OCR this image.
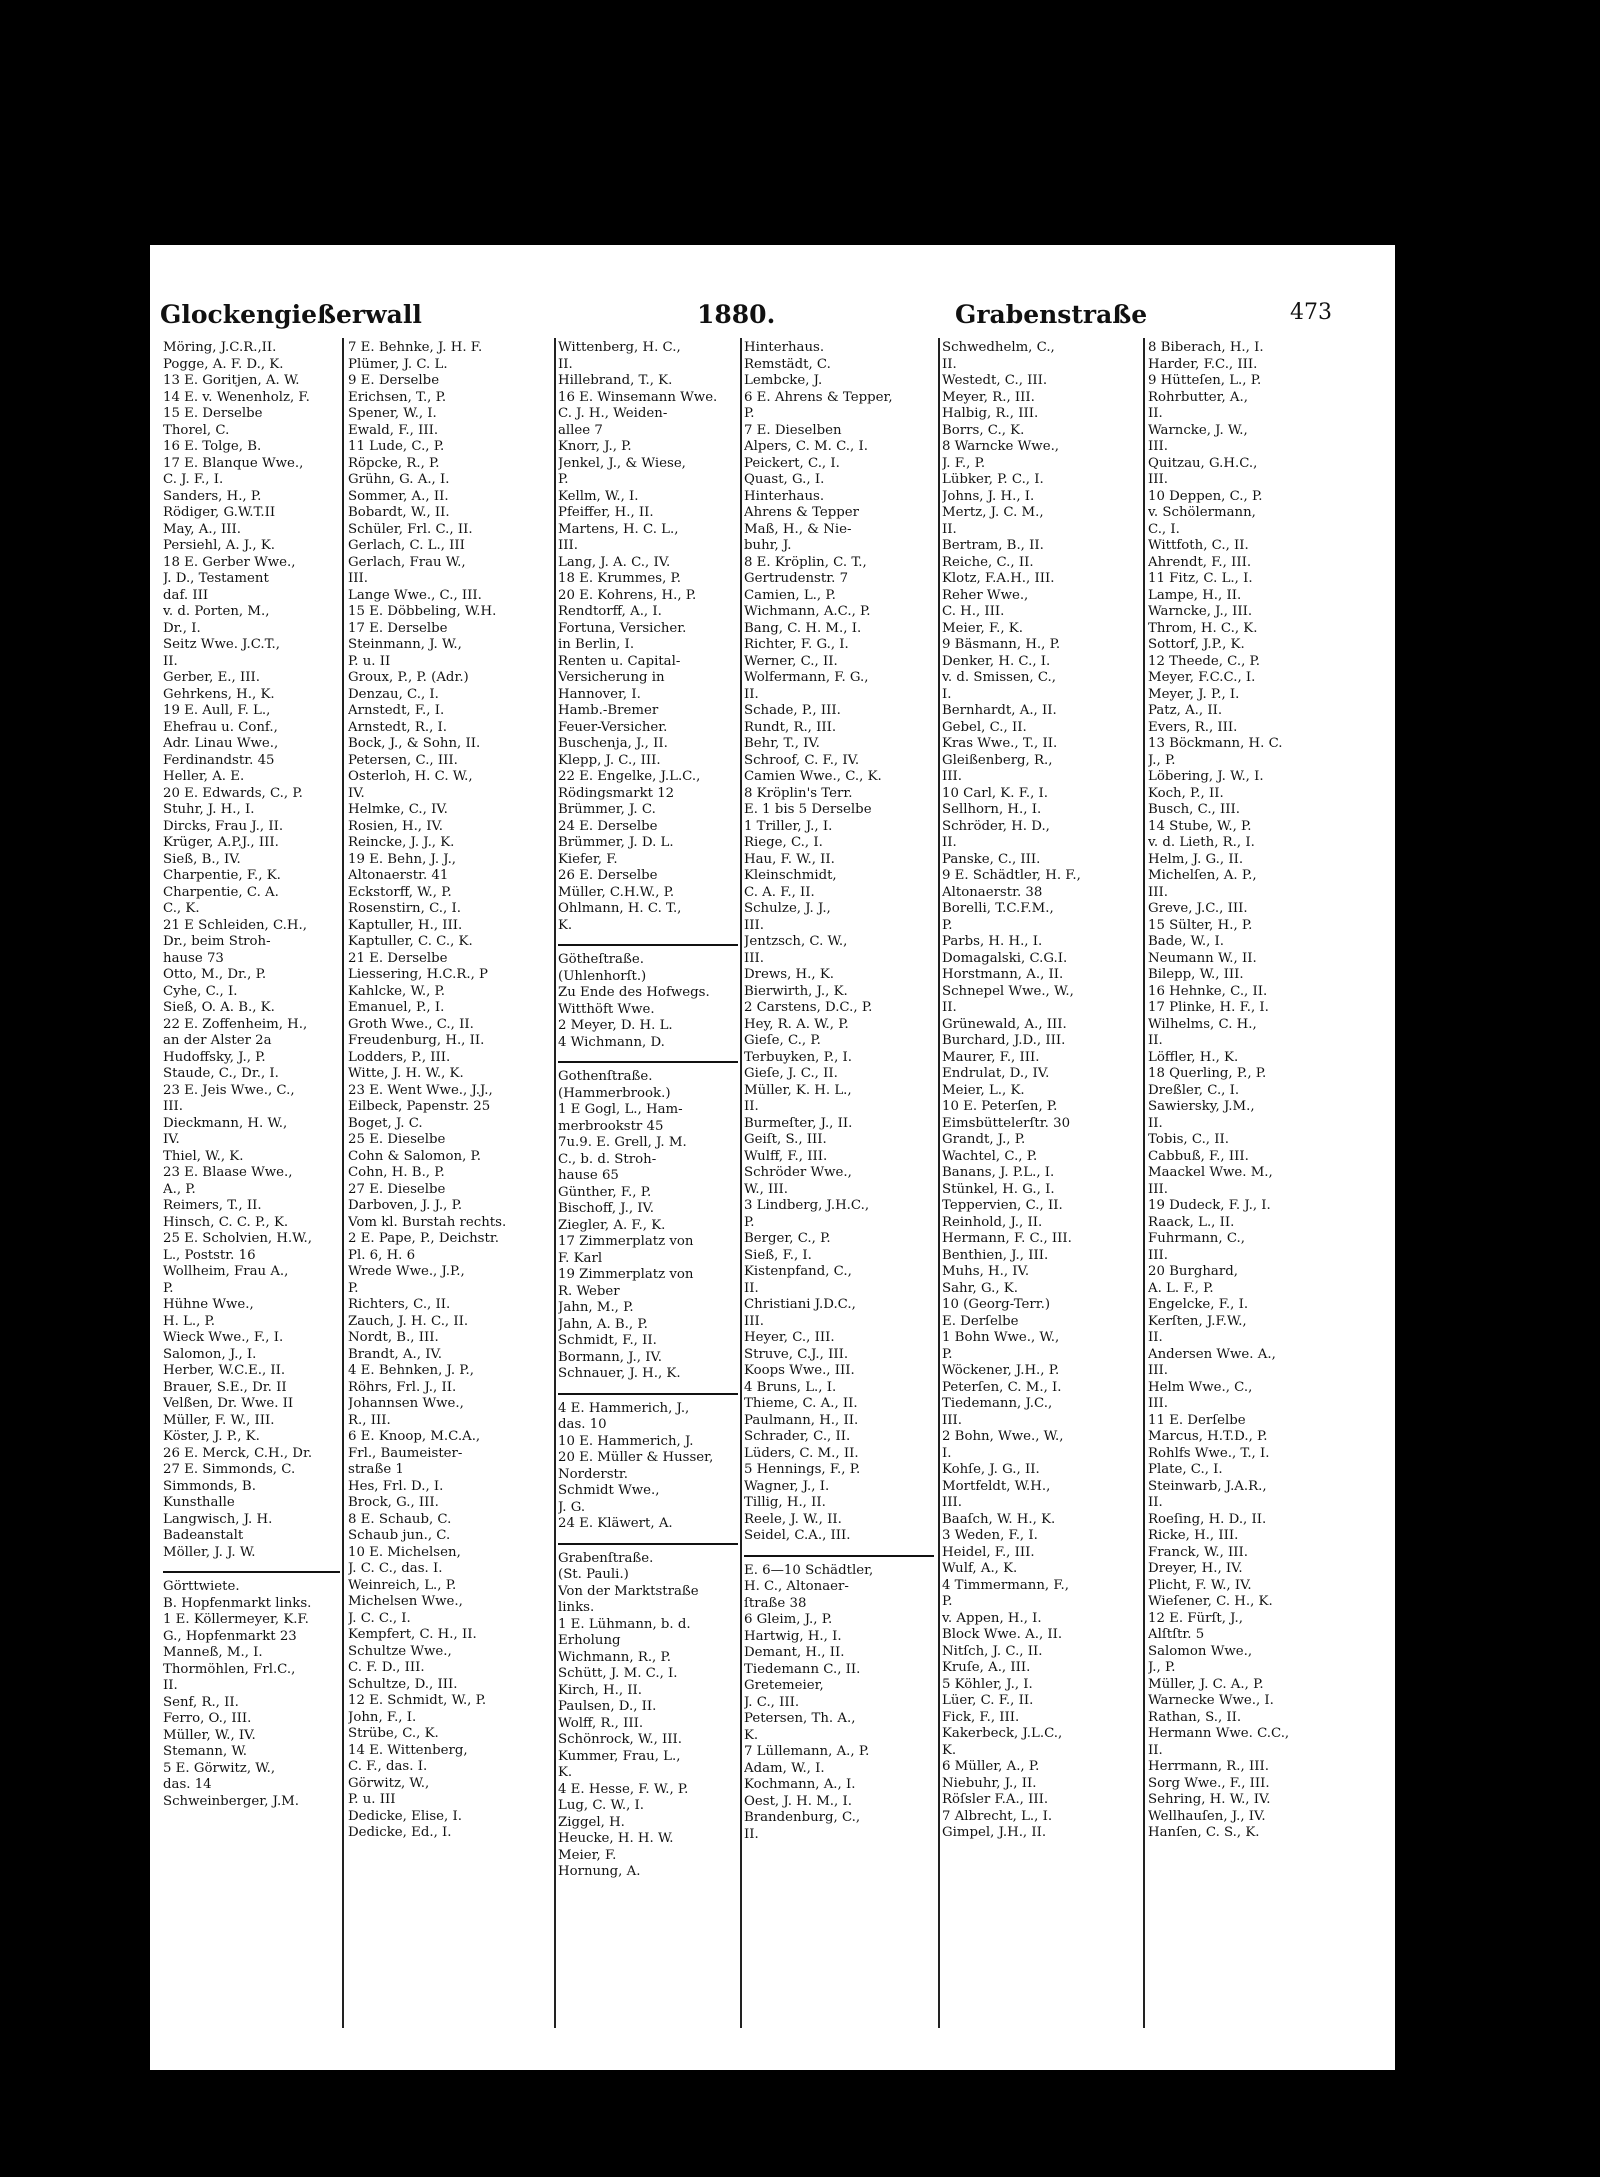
Glockengießerwall	1880.	Grabenstraße	473
Möring, J.C.R.,II.
Pogge, A. F. D., K.
13 E. Goritjen, A. W.
14 E. v. Wenenholz, F.
15 E. Derselbe
Thorel, C.
16 E. Tolge, B.
17 E. Blanque Wwe.,
C. J. F., I.
Sanders, H., P.
Rödiger, G.W.T.II
May, A., III.
Persiehl, A. J., K.
18 E. Gerber Wwe.,
J. D., Testament
daf. III
v. d. Porten, M.,
Dr., I.
Seitz Wwe. J.C.T.,
II.
Gerber, E., III.
Gehrkens, H., K.
19 E. Aull, F. L.,
Ehefrau u. Conf.,
Adr. Linau Wwe.,
Ferdinandstr. 45
Heller, A. E.
20 E. Edwards, C., P.
Stuhr, J. H., I.
Dircks, Frau J., II.
Krüger, A.P.J., III.
Sieß, B., IV.
Charpentie, F., K.
Charpentie, C. A.
C., K.
21 E Schleiden, C.H.,
Dr., beim Stroh-
hause 73
Otto, M., Dr., P.
Cyhe, C., I.
Sieß, O. A. B., K.
22 E. Zoffenheim, H.,
an der Alster 2a
Hudoffsky, J., P.
Staude, C., Dr., I.
23 E. Jeis Wwe., C.,
III.
Dieckmann, H. W.,
IV.
Thiel, W., K.
23 E. Blaase Wwe.,
A., P.
Reimers, T., II.
Hinsch, C. C. P., K.
25 E. Scholvien, H.W.,
L., Poststr. 16
Wollheim, Frau A.,
P.
Hühne Wwe.,
H. L., P.
Wieck Wwe., F., I.
Salomon, J., I.
Herber, W.C.E., II.
Brauer, S.E., Dr. II
Velßen, Dr. Wwe. II
Müller, F. W., III.
Köster, J. P., K.
26 E. Merck, C.H., Dr.
27 E. Simmonds, C.
Simmonds, B.
Kunsthalle
Langwisch, J. H.
Badeanstalt
Möller, J. J. W.
Görttwiete.
B. Hopfenmarkt links.
1 E. Köllermeyer, K.F.
G., Hopfenmarkt 23
Manneß, M., I.
Thormöhlen, Frl.C.,
II.
Senf, R., II.
Ferro, O., III.
Müller, W., IV.
Stemann, W.
5 E. Görwitz, W.,
das. 14
Schweinberger, J.M.
7 E. Behnke, J. H. F.
Plümer, J. C. L.
9 E. Derselbe
Erichsen, T., P.
Spener, W., I.
Ewald, F., III.
11 Lude, C., P.
Röpcke, R., P.
Grühn, G. A., I.
Sommer, A., II.
Bobardt, W., II.
Schüler, Frl. C., II.
Gerlach, C. L., III
Gerlach, Frau W.,
III.
Lange Wwe., C., III.
15 E. Döbbeling, W.H.
17 E. Derselbe
Steinmann, J. W.,
P. u. II
Groux, P., P. (Adr.)
Denzau, C., I.
Arnstedt, F., I.
Arnstedt, R., I.
Bock, J., & Sohn, II.
Petersen, C., III.
Osterloh, H. C. W.,
IV.
Helmke, C., IV.
Rosien, H., IV.
Reincke, J. J., K.
19 E. Behn, J. J.,
Altonaerstr. 41
Eckstorff, W., P.
Rosenstirn, C., I.
Kaptuller, H., III.
Kaptuller, C. C., K.
21 E. Derselbe
Liessering, H.C.R., P
Kahlcke, W., P.
Emanuel, P., I.
Groth Wwe., C., II.
Freudenburg, H., II.
Lodders, P., III.
Witte, J. H. W., K.
23 E. Went Wwe., J.J.,
Eilbeck, Papenstr. 25
Boget, J. C.
25 E. Dieselbe
Cohn & Salomon, P.
Cohn, H. B., P.
27 E. Dieselbe
Darboven, J. J., P.
Vom kl. Burstah rechts.
2 E. Pape, P., Deichstr.
Pl. 6, H. 6
Wrede Wwe., J.P.,
P.
Richters, C., II.
Zauch, J. H. C., II.
Nordt, B., III.
Brandt, A., IV.
4 E. Behnken, J. P.,
Röhrs, Frl. J., II.
Johannsen Wwe.,
R., III.
6 E. Knoop, M.C.A.,
Frl., Baumeister-
straße 1
Hes, Frl. D., I.
Brock, G., III.
8 E. Schaub, C.
Schaub jun., C.
10 E. Michelsen,
J. C. C., das. I.
Weinreich, L., P.
Michelsen Wwe.,
J. C. C., I.
Kempfert, C. H., II.
Schultze Wwe.,
C. F. D., III.
Schultze, D., III.
12 E. Schmidt, W., P.
John, F., I.
Strübe, C., K.
14 E. Wittenberg,
C. F., das. I.
Görwitz, W.,
P. u. III
Dedicke, Elise, I.
Dedicke, Ed., I.
Wittenberg, H. C.,
II.
Hillebrand, T., K.
16 E. Winsemann Wwe.
C. J. H., Weiden-
allee 7
Knorr, J., P.
Jenkel, J., & Wiese,
P.
Kellm, W., I.
Pfeiffer, H., II.
Martens, H. C. L.,
III.
Lang, J. A. C., IV.
18 E. Krummes, P.
20 E. Kohrens, H., P.
Rendtorff, A., I.
Fortuna, Versicher.
in Berlin, I.
Renten u. Capital-
Versicherung in
Hannover, I.
Hamb.-Bremer
Feuer-Versicher.
Buschenja, J., II.
Klepp, J. C., III.
22 E. Engelke, J.L.C.,
Rödingsmarkt 12
Brümmer, J. C.
24 E. Derselbe
Brümmer, J. D. L.
Kiefer, F.
26 E. Derselbe
Müller, C.H.W., P.
Ohlmann, H. C. T.,
K.
Götheſtraße.
(Uhlenhorſt.)
Zu Ende des Hofwegs.
Witthöft Wwe.
2 Meyer, D. H. L.
4 Wichmann, D.
Gothenſtraße.
(Hammerbrook.)
1 E Gogl, L., Ham-
merbrookstr 45
7u.9. E. Grell, J. M.
C., b. d. Stroh-
hause 65
Günther, F., P.
Bischoff, J., IV.
Ziegler, A. F., K.
17 Zimmerplatz von
F. Karl
19 Zimmerplatz von
R. Weber
Jahn, M., P.
Jahn, A. B., P.
Schmidt, F., II.
Bormann, J., IV.
Schnauer, J. H., K.
4 E. Hammerich, J.,
das. 10
10 E. Hammerich, J.
20 E. Müller & Husser,
Norderstr.
Schmidt Wwe.,
J. G.
24 E. Kläwert, A.
Grabenſtraße.
(St. Pauli.)
Von der Marktstraße
links.
1 E. Lühmann, b. d.
Erholung
Wichmann, R., P.
Schütt, J. M. C., I.
Kirch, H., II.
Paulsen, D., II.
Wolff, R., III.
Schönrock, W., III.
Kummer, Frau, L.,
K.
4 E. Hesse, F. W., P.
Lug, C. W., I.
Ziggel, H.
Heucke, H. H. W.
Meier, F.
Hornung, A.
Hinterhaus.
Remstädt, C.
Lembcke, J.
6 E. Ahrens & Tepper,
P.
7 E. Dieselben
Alpers, C. M. C., I.
Peickert, C., I.
Quast, G., I.
Hinterhaus.
Ahrens & Tepper
Maß, H., & Nie-
buhr, J.
8 E. Kröplin, C. T.,
Gertrudenstr. 7
Camien, L., P.
Wichmann, A.C., P.
Bang, C. H. M., I.
Richter, F. G., I.
Werner, C., II.
Wolfermann, F. G.,
II.
Schade, P., III.
Rundt, R., III.
Behr, T., IV.
Schroof, C. F., IV.
Camien Wwe., C., K.
8 Kröplin's Terr.
E. 1 bis 5 Derselbe
1 Triller, J., I.
Riege, C., I.
Hau, F. W., II.
Kleinschmidt,
C. A. F., II.
Schulze, J. J.,
III.
Jentzsch, C. W.,
III.
Drews, H., K.
Bierwirth, J., K.
2 Carstens, D.C., P.
Hey, R. A. W., P.
Gieſe, C., P.
Terbuyken, P., I.
Gieſe, J. C., II.
Müller, K. H. L.,
II.
Burmeſter, J., II.
Geiſt, S., III.
Wulff, F., III.
Schröder Wwe.,
W., III.
3 Lindberg, J.H.C.,
P.
Berger, C., P.
Sieß, F., I.
Kistenpfand, C.,
II.
Christiani J.D.C.,
III.
Heyer, C., III.
Struve, C.J., III.
Koops Wwe., III.
4 Bruns, L., I.
Thieme, C. A., II.
Paulmann, H., II.
Schrader, C., II.
Lüders, C. M., II.
5 Hennings, F., P.
Wagner, J., I.
Tillig, H., II.
Reele, J. W., II.
Seidel, C.A., III.
E. 6—10 Schädtler,
H. C., Altonaer-
ſtraße 38
6 Gleim, J., P.
Hartwig, H., I.
Demant, H., II.
Tiedemann C., II.
Gretemeier,
J. C., III.
Petersen, Th. A.,
K.
7 Lüllemann, A., P.
Adam, W., I.
Kochmann, A., I.
Oest, J. H. M., I.
Brandenburg, C.,
II.
Schwedhelm, C.,
II.
Westedt, C., III.
Meyer, R., III.
Halbig, R., III.
Borrs, C., K.
8 Warncke Wwe.,
J. F., P.
Lübker, P. C., I.
Johns, J. H., I.
Mertz, J. C. M.,
II.
Bertram, B., II.
Reiche, C., II.
Klotz, F.A.H., III.
Reher Wwe.,
C. H., III.
Meier, F., K.
9 Bäsmann, H., P.
Denker, H. C., I.
v. d. Smissen, C.,
I.
Bernhardt, A., II.
Gebel, C., II.
Kras Wwe., T., II.
Gleißenberg, R.,
III.
10 Carl, K. F., I.
Sellhorn, H., I.
Schröder, H. D.,
II.
Panske, C., III.
9 E. Schädtler, H. F.,
Altonaerstr. 38
Borelli, T.C.F.M.,
P.
Parbs, H. H., I.
Domagalski, C.G.I.
Horstmann, A., II.
Schnepel Wwe., W.,
II.
Grünewald, A., III.
Burchard, J.D., III.
Maurer, F., III.
Endrulat, D., IV.
Meier, L., K.
10 E. Peterſen, P.
Eimsbüttelerſtr. 30
Grandt, J., P.
Wachtel, C., P.
Banans, J. P.L., I.
Stünkel, H. G., I.
Teppervien, C., II.
Reinhold, J., II.
Hermann, F. C., III.
Benthien, J., III.
Muhs, H., IV.
Sahr, G., K.
10 (Georg-Terr.)
E. Derſelbe
1 Bohn Wwe., W.,
P.
Wöckener, J.H., P.
Peterſen, C. M., I.
Tiedemann, J.C.,
III.
2 Bohn, Wwe., W.,
I.
Kohſe, J. G., II.
Mortfeldt, W.H.,
III.
Baaſch, W. H., K.
3 Weden, F., I.
Heidel, F., III.
Wulf, A., K.
4 Timmermann, F.,
P.
v. Appen, H., I.
Block Wwe. A., II.
Nitſch, J. C., II.
Kruſe, A., III.
5 Köhler, J., I.
Lüer, C. F., II.
Fick, F., III.
Kakerbeck, J.L.C.,
K.
6 Müller, A., P.
Niebuhr, J., II.
Röſsler F.A., III.
7 Albrecht, L., I.
Gimpel, J.H., II.
8 Biberach, H., I.
Harder, F.C., III.
9 Hütteſen, L., P.
Rohrbutter, A.,
II.
Warncke, J. W.,
III.
Quitzau, G.H.C.,
III.
10 Deppen, C., P.
v. Schölermann,
C., I.
Wittfoth, C., II.
Ahrendt, F., III.
11 Fitz, C. L., I.
Lampe, H., II.
Warncke, J., III.
Throm, H. C., K.
Sottorf, J.P., K.
12 Theede, C., P.
Meyer, F.C.C., I.
Meyer, J. P., I.
Patz, A., II.
Evers, R., III.
13 Böckmann, H. C.
J., P.
Löbering, J. W., I.
Koch, P., II.
Busch, C., III.
14 Stube, W., P.
v. d. Lieth, R., I.
Helm, J. G., II.
Michelſen, A. P.,
III.
Greve, J.C., III.
15 Sülter, H., P.
Bade, W., I.
Neumann W., II.
Bilepp, W., III.
16 Hehnke, C., II.
17 Plinke, H. F., I.
Wilhelms, C. H.,
II.
Löffler, H., K.
18 Querling, P., P.
Dreßler, C., I.
Sawiersky, J.M.,
II.
Tobis, C., II.
Cabbuß, F., III.
Maackel Wwe. M.,
III.
19 Dudeck, F. J., I.
Raack, L., II.
Fuhrmann, C.,
III.
20 Burghard,
A. L. F., P.
Engelcke, F., I.
Kerſten, J.F.W.,
II.
Andersen Wwe. A.,
III.
Helm Wwe., C.,
III.
11 E. Derſelbe
Marcus, H.T.D., P.
Rohlfs Wwe., T., I.
Plate, C., I.
Steinwarb, J.A.R.,
II.
Roeſing, H. D., II.
Ricke, H., III.
Franck, W., III.
Dreyer, H., IV.
Plicht, F. W., IV.
Wieſener, C. H., K.
12 E. Fürſt, J.,
Alſtſtr. 5
Salomon Wwe.,
J., P.
Müller, J. C. A., P.
Warnecke Wwe., I.
Rathan, S., II.
Hermann Wwe. C.C.,
II.
Herrmann, R., III.
Sorg Wwe., F., III.
Sehring, H. W., IV.
Wellhauſen, J., IV.
Hanſen, C. S., K.
